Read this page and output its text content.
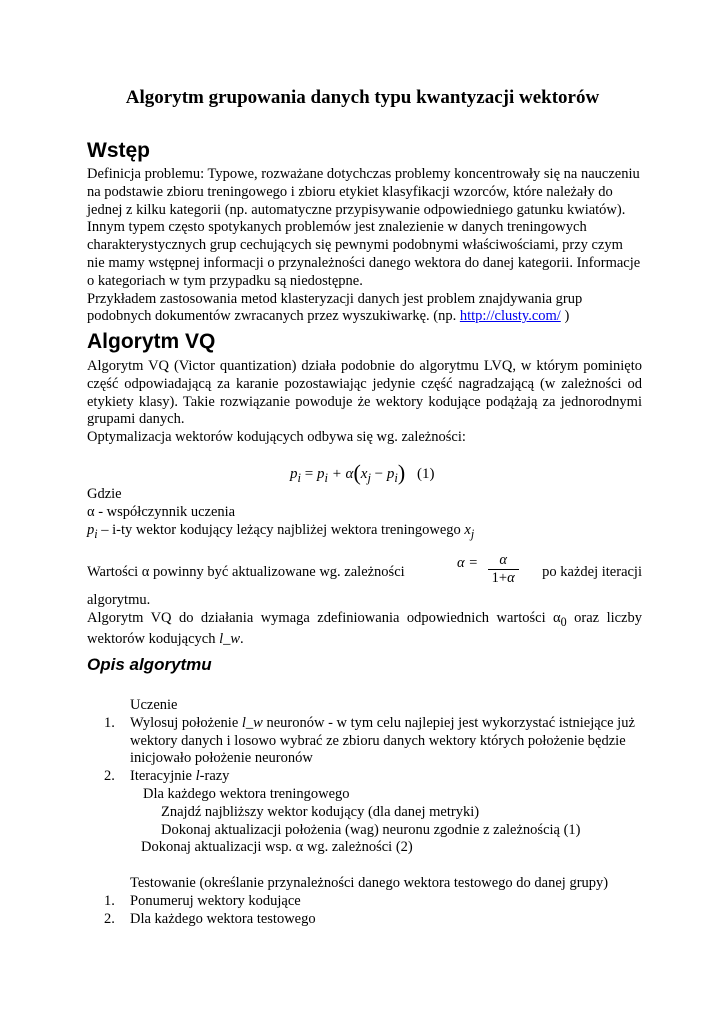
Algorytm grupowania danych typu kwantyzacji wektorów
Wstęp

Definicja problemu: Typowe, rozważane dotychczas problemy koncentrowały się na nauczeniu na podstawie zbioru treningowego i zbioru etykiet klasyfikacji wzorców, które należały do jednej z kilku kategorii (np. automatyczne przypisywanie odpowiedniego gatunku kwiatów). Innym typem często spotykanych problemów jest znalezienie w danych treningowych charakterystycznych grup cechujących się pewnymi podobnymi właściwościami, przy czym nie mamy wstępnej informacji o przynależności danego wektora do danej kategorii. Informacje o kategoriach w tym przypadku są niedostępne.

Przykładem zastosowania metod klasteryzacji danych jest problem znajdywania grup podobnych dokumentów zwracanych przez wyszukiwarkę. (np. http://clusty.com/ )

Algorytm VQ

Algorytm VQ (Victor quantization) działa podobnie do algorytmu LVQ, w którym pominięto część odpowiadającą za karanie pozostawiając jedynie część nagradzającą (w zależności od etykiety klasy). Takie rozwiązanie powoduje że wektory kodujące podążają za jednorodnymi grupami danych.

Optymalizacja wektorów kodujących odbywa się wg. zależności:

$p_i = p_i + \alpha(x_j - p_i)$ (1)

Gdzie

α - współczynnik uczenia

$p_i - i-ty$ wektor kodujący leżący najbliżej wektora treningowego $x_j$

Wartości α powinny być aktualizowane wg. zależności
$\alpha = \frac{\alpha}{1+\alpha}$ po każdej iteracji

algorytmu.

Algorytm VQ do działania wymaga zdefiniowania odpowiednich wartości $\alpha_0$ oraz liczby wektorów kodujących l_w.

Opis algorytmu
Uczenie
1. Wylosuj położenie l_w neuronów - w tym celu najlepiej jest wykorzystać istniejące już wektory danych i losowo wybrać ze zbioru danych wektory których położenie będzie inicjowało położenie neuronów
2. Iteracyjnie l-razy
Dla każdego wektora treningowego
Znajdź najbliższy wektor kodujący (dla danej metryki)
Dokonaj aktualizacji położenia (wag) neuronu zgodnie z zależnością (1)
Dokonaj aktualizacji wsp. α wg. zależności (2)
Testowanie (określanie przynależności danego wektora testowego do danej grupy)
1. Ponumeruj wektory kodujące
2. Dla każdego wektora testowego
